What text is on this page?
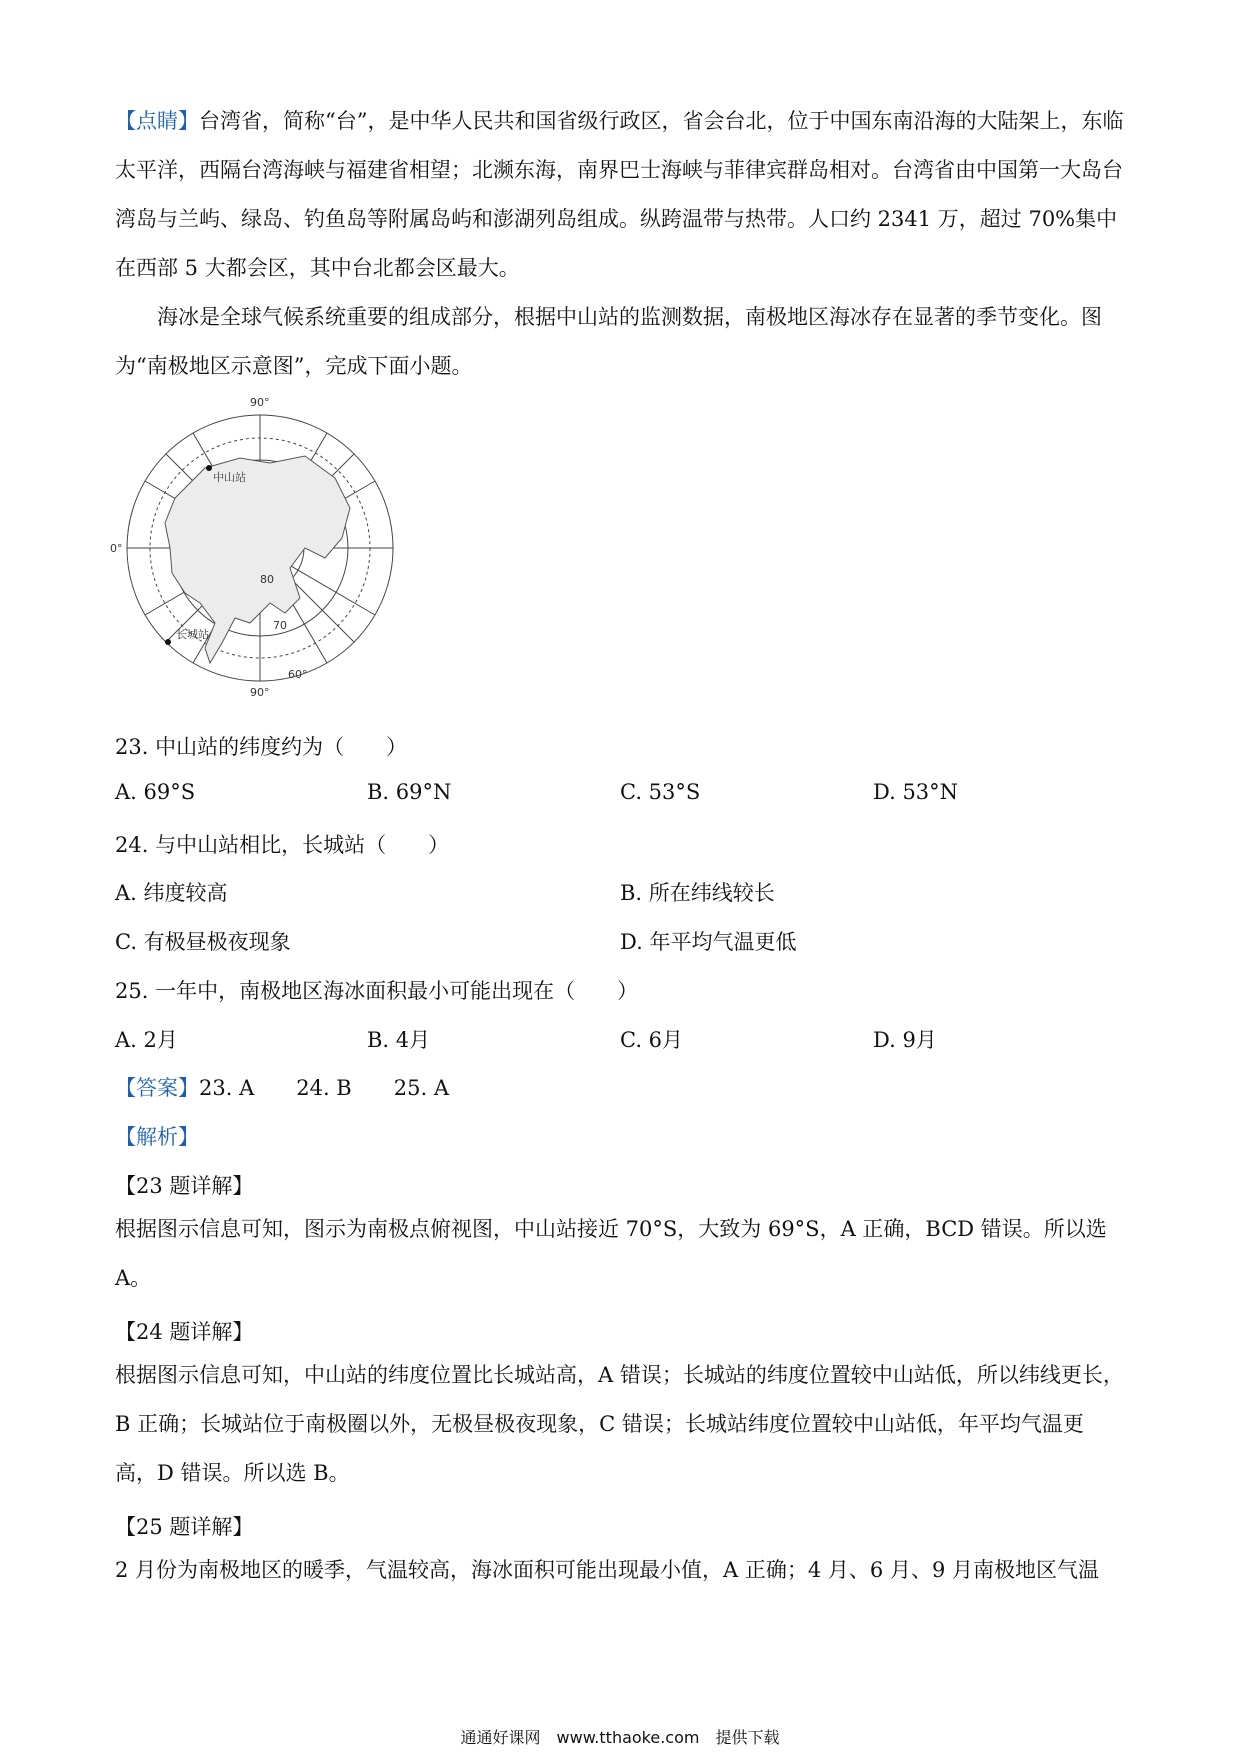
【点睛】台湾省，简称“台”，是中华人民共和国省级行政区，省会台北，位于中国东南沿海的大陆架上，东临太平洋，西隔台湾海峡与福建省相望；北濒东海，南界巴士海峡与菲律宾群岛相对。台湾省由中国第一大岛台湾岛与兰屿、绿岛、钓鱼岛等附属岛屿和澎湖列岛组成。纵跨温带与热带。人口约 2341 万，超过 70%集中在西部 5 大都会区，其中台北都会区最大。
海冰是全球气候系统重要的组成部分，根据中山站的监测数据，南极地区海冰存在显著的季节变化。图为“南极地区示意图”，完成下面小题。
90°
0°
90°
80
70
60°
中山站
长城站
23. 中山站的纬度约为（　　）
A. 69°S	B. 69°N	C. 53°S	D. 53°N
24. 与中山站相比，长城站（　　）
A. 纬度较高	B. 所在纬线较长
C. 有极昼极夜现象	D. 年平均气温更低
25. 一年中，南极地区海冰面积最小可能出现在（　　）
A. 2月	B. 4月	C. 6月	D. 9月
【答案】23. A　　24. B　　25. A
【解析】
【23 题详解】
根据图示信息可知，图示为南极点俯视图，中山站接近 70°S，大致为 69°S，A 正确，BCD 错误。所以选 A。
【24 题详解】
根据图示信息可知，中山站的纬度位置比长城站高，A 错误；长城站的纬度位置较中山站低，所以纬线更长，B 正确；长城站位于南极圈以外，无极昼极夜现象，C 错误；长城站纬度位置较中山站低，年平均气温更高，D 错误。所以选 B。
【25 题详解】
2 月份为南极地区的暖季，气温较高，海冰面积可能出现最小值，A 正确；4 月、6 月、9 月南极地区气温
通通好课网　www.tthaoke.com　提供下载
